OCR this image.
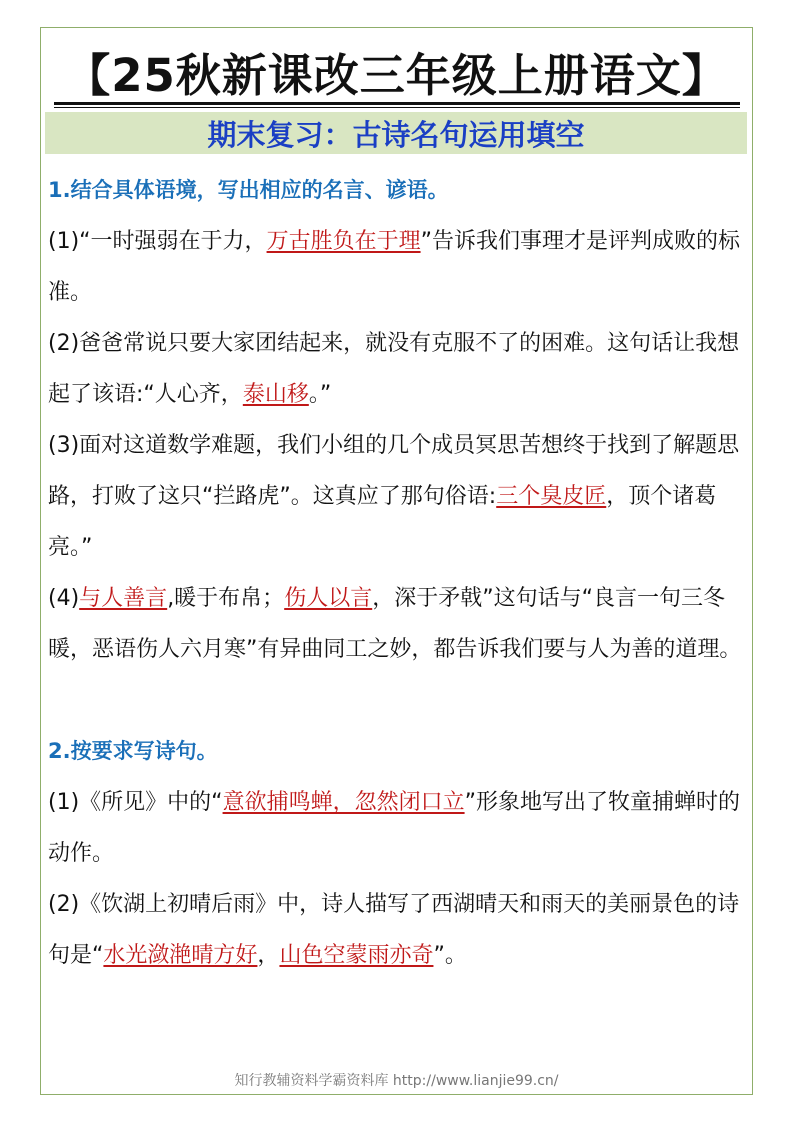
【25秋新课改三年级上册语文】
期末复习：古诗名句运用填空

1.结合具体语境，写出相应的名言、谚语。

(1)“一时强弱在于力，万古胜负在于理”告诉我们事理才是评判成败的标准。

(2)爸爸常说只要大家团结起来，就没有克服不了的困难。这句话让我想起了该语:“人心齐，泰山移。”

(3)面对这道数学难题，我们小组的几个成员冥思苦想终于找到了解题思路，打败了这只“拦路虎”。这真应了那句俗语:三个臭皮匠，顶个诸葛亮。”

(4)与人善言,暖于布帛；伤人以言，深于矛戟”这句话与“良言一句三冬暖，恶语伤人六月寒”有异曲同工之妙，都告诉我们要与人为善的道理。

2.按要求写诗句。

(1)《所见》中的“意欲捕鸣蝉，忽然闭口立”形象地写出了牧童捕蝉时的动作。

(2)《饮湖上初晴后雨》中，诗人描写了西湖晴天和雨天的美丽景色的诗句是“水光潋滟晴方好，山色空蒙雨亦奇”。

知行教辅资料学霸资料库 http://www.lianjie99.cn/
